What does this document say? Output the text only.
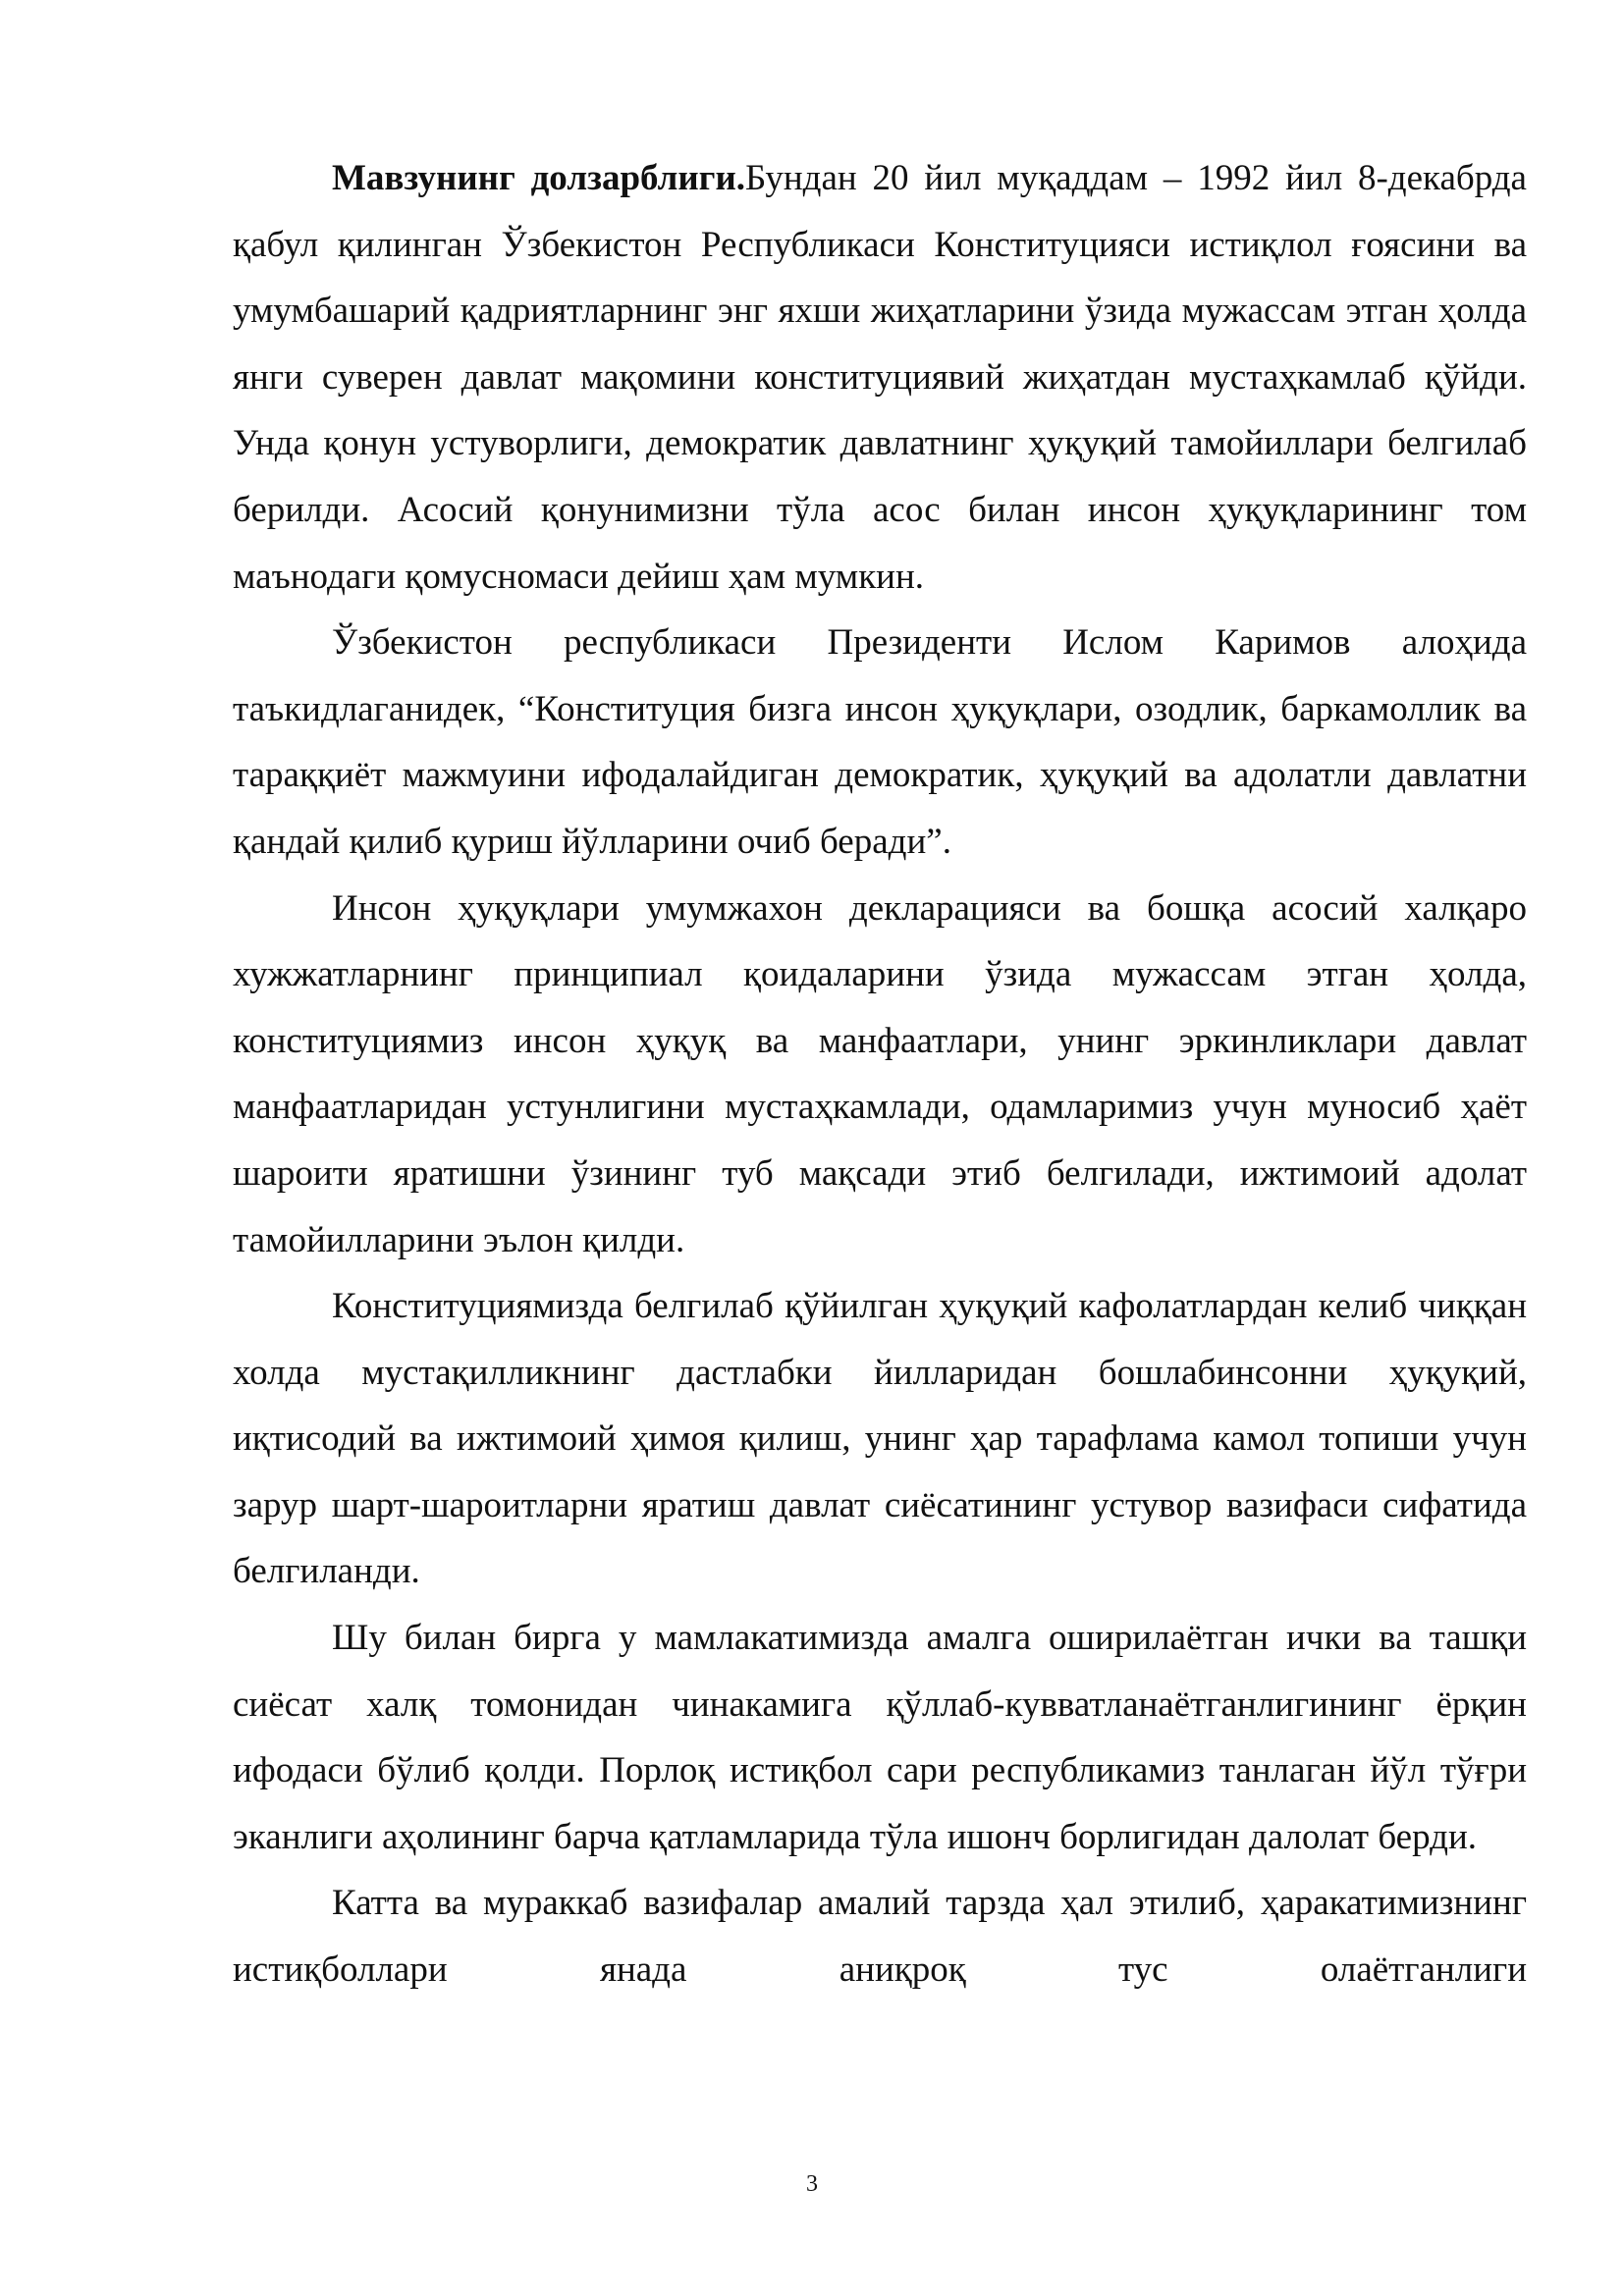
Мавзунинг долзарблиги.Бундан 20 йил муқаддам – 1992 йил 8-декабрда қабул қилинган Ўзбекистон Республикаси Конституцияси истиқлол ғоясини ва умумбашарий қадриятларнинг энг яхши жиҳатларини ўзида мужассам этган ҳолда янги суверен давлат мақомини конституциявий жиҳатдан мустаҳкамлаб қўйди. Унда қонун устуворлиги, демократик давлатнинг ҳуқуқий тамойиллари белгилаб берилди. Асосий қонунимизни тўла асос билан инсон ҳуқуқларининг том маънодаги қомусномаси дейиш ҳам мумкин.

Ўзбекистон республикаси Президенти Ислом Каримов алоҳида таъкидлаганидек, “Конституция бизга инсон ҳуқуқлари, озодлик, баркамоллик ва тараққиёт мажмуини ифодалайдиган демократик, ҳуқуқий ва адолатли давлатни қандай қилиб қуриш йўлларини очиб беради”.

Инсон ҳуқуқлари умумжахон декларацияси ва бошқа асосий халқаро хужжатларнинг принципиал қоидаларини ўзида мужассам этган ҳолда, конституциямиз инсон ҳуқуқ ва манфаатлари, унинг эркинликлари давлат манфаатларидан устунлигини мустаҳкамлади, одамларимиз учун муносиб ҳаёт шароити яратишни ўзининг туб мақсади этиб белгилади, ижтимоий адолат тамойилларини эълон қилди.

Конституциямизда белгилаб қўйилган ҳуқуқий кафолатлардан келиб чиққан холда мустақилликнинг дастлабки йилларидан бошлабинсонни ҳуқуқий, иқтисодий ва ижтимоий ҳимоя қилиш, унинг ҳар тарафлама камол топиши учун зарур шарт-шароитларни яратиш давлат сиёсатининг устувор вазифаси сифатида белгиланди.

Шу билан бирга у мамлакатимизда амалга оширилаётган ички ва ташқи сиёсат халқ томонидан чинакамига қўллаб-кувватланаётганлигининг ёрқин ифодаси бўлиб қолди. Порлоқ истиқбол сари республикамиз танлаган йўл тўғри эканлиги аҳолининг барча қатламларида тўла ишонч борлигидан далолат берди.

Катта ва мураккаб вазифалар амалий тарзда ҳал этилиб, ҳаракатимизнинг истиқболлари янада аниқроқ тус олаётганлиги

3
